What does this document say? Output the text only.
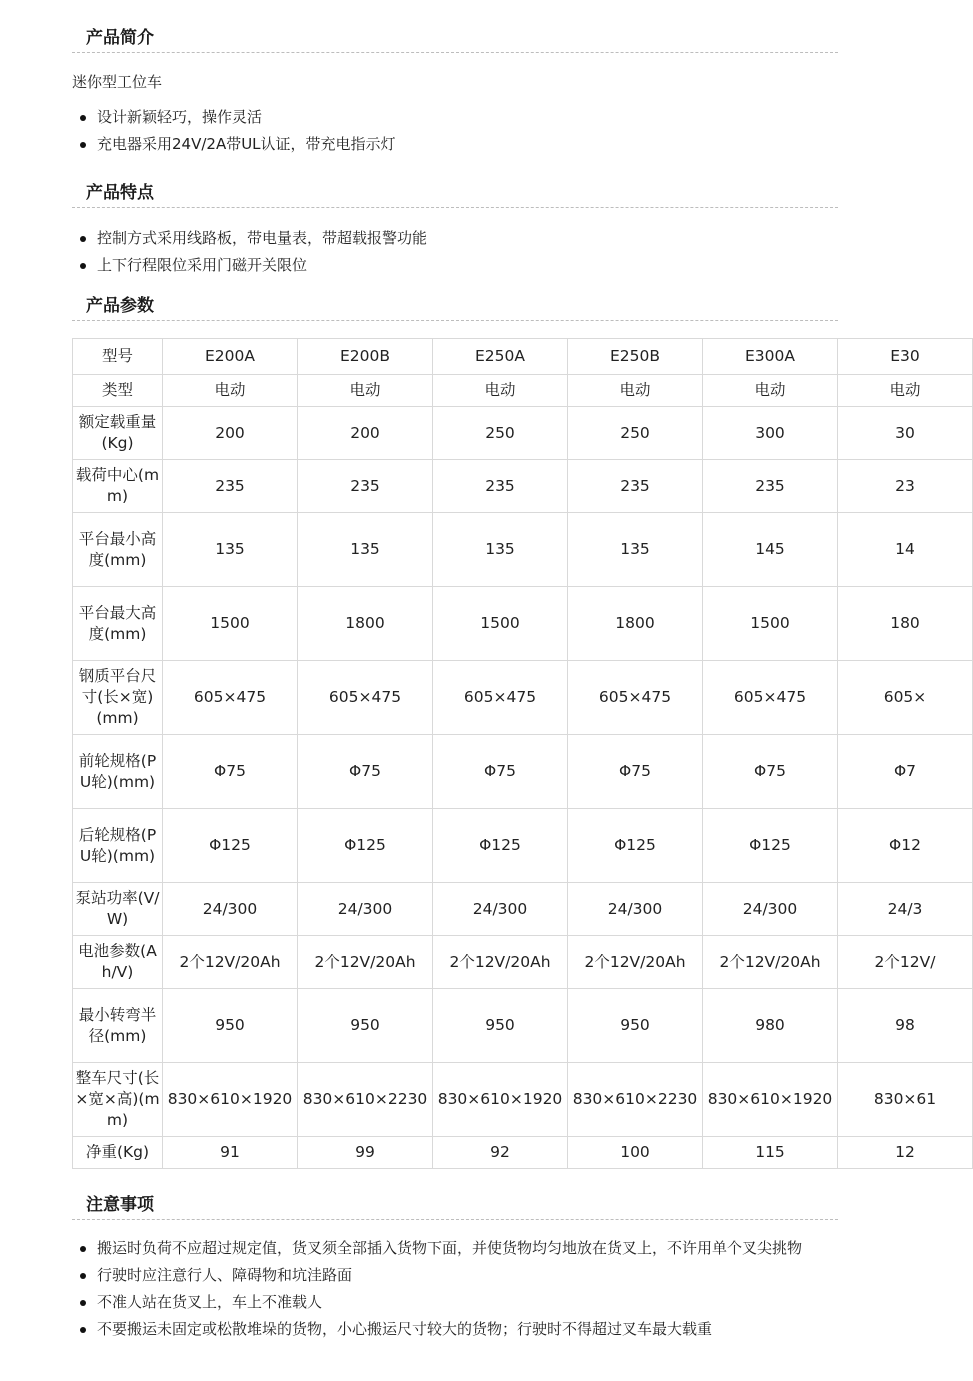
产品简介
迷你型工位车
设计新颖轻巧，操作灵活
充电器采用24V/2A带UL认证，带充电指示灯
产品特点
控制方式采用线路板，带电量表，带超载报警功能
上下行程限位采用门磁开关限位
产品参数
型号	E200A	E200B	E250A	E250B	E300A	E30
类型	电动	电动	电动	电动	电动	电动
额定载重量(Kg)	200	200	250	250	300	30
载荷中心(mm)	235	235	235	235	235	23
平台最小高度(mm)	135	135	135	135	145	14
平台最大高度(mm)	1500	1800	1500	1800	1500	180
钢质平台尺寸(长×宽)(mm)	605×475	605×475	605×475	605×475	605×475	605×
前轮规格(PU轮)(mm)	Φ75	Φ75	Φ75	Φ75	Φ75	Φ7
后轮规格(PU轮)(mm)	Φ125	Φ125	Φ125	Φ125	Φ125	Φ12
泵站功率(V/W)	24/300	24/300	24/300	24/300	24/300	24/3
电池参数(Ah/V)	2个12V/20Ah	2个12V/20Ah	2个12V/20Ah	2个12V/20Ah	2个12V/20Ah	2个12V/
最小转弯半径(mm)	950	950	950	950	980	98
整车尺寸(长×宽×高)(mm)	830×610×1920	830×610×2230	830×610×1920	830×610×2230	830×610×1920	830×61
净重(Kg)	91	99	92	100	115	12
注意事项
搬运时负荷不应超过规定值，货叉须全部插入货物下面，并使货物均匀地放在货叉上，不许用单个叉尖挑物
行驶时应注意行人、障碍物和坑洼路面
不准人站在货叉上，车上不准载人
不要搬运未固定或松散堆垛的货物，小心搬运尺寸较大的货物；行驶时不得超过叉车最大载重
